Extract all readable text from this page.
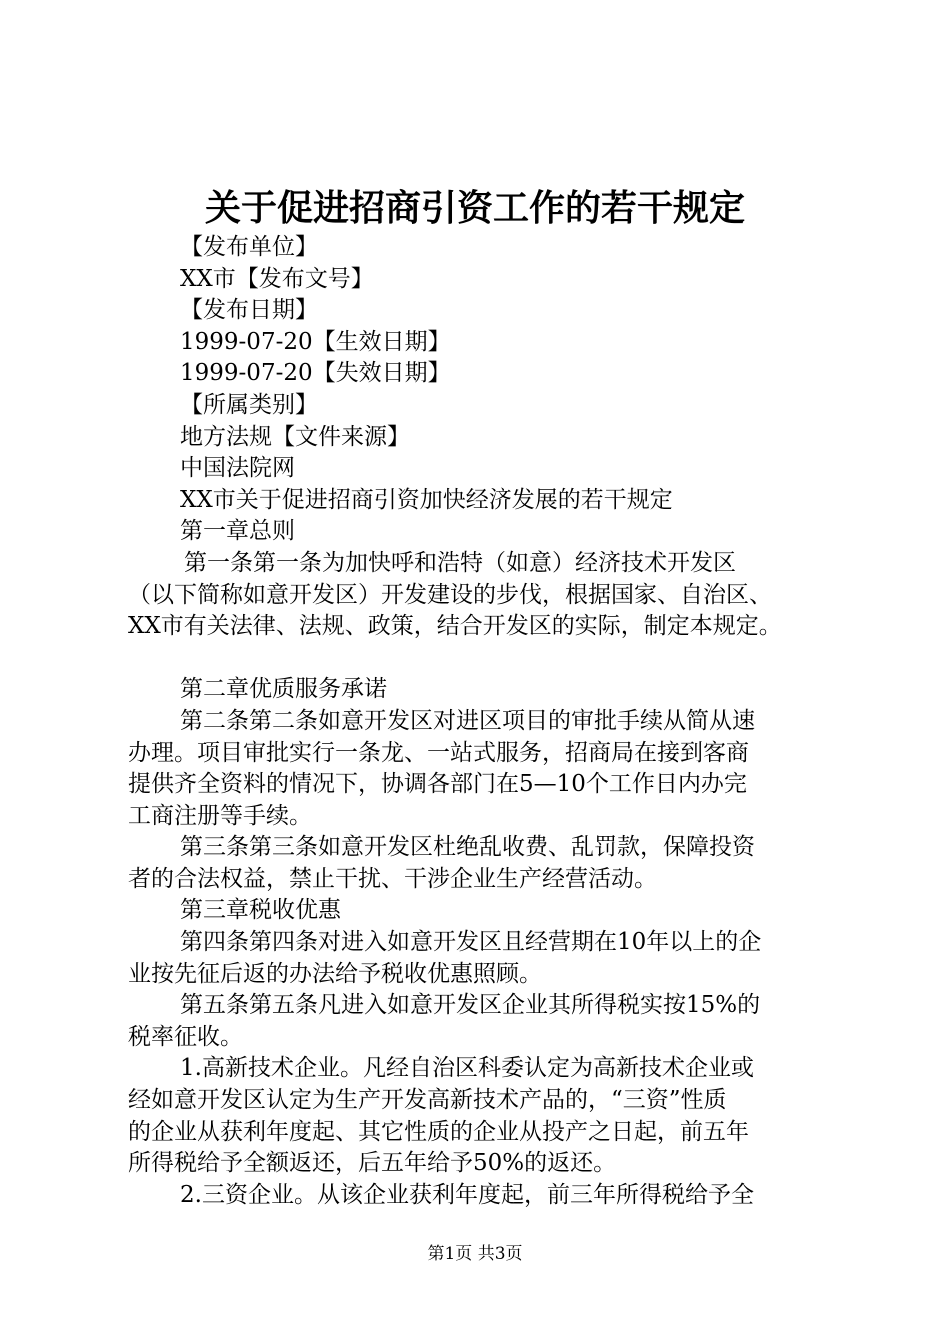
关于促进招商引资工作的若干规定
【发布单位】
XX市【发布文号】
【发布日期】
1999-07-20【生效日期】
1999-07-20【失效日期】
【所属类别】
地方法规【文件来源】
中国法院网
XX市关于促进招商引资加快经济发展的若干规定
第一章总则
第一条第一条为加快呼和浩特（如意）经济技术开发区
（以下简称如意开发区）开发建设的步伐，根据国家、自治区、
XX市有关法律、法规、政策，结合开发区的实际，制定本规定。
第二章优质服务承诺
第二条第二条如意开发区对进区项目的审批手续从简从速
办理。项目审批实行一条龙、一站式服务，招商局在接到客商
提供齐全资料的情况下，协调各部门在5—10个工作日内办完
工商注册等手续。
第三条第三条如意开发区杜绝乱收费、乱罚款，保障投资
者的合法权益，禁止干扰、干涉企业生产经营活动。
第三章税收优惠
第四条第四条对进入如意开发区且经营期在10年以上的企
业按先征后返的办法给予税收优惠照顾。
第五条第五条凡进入如意开发区企业其所得税实按15%的
税率征收。
1.高新技术企业。凡经自治区科委认定为高新技术企业或
经如意开发区认定为生产开发高新技术产品的，“三资”性质
的企业从获利年度起、其它性质的企业从投产之日起，前五年
所得税给予全额返还，后五年给予50%的返还。
2.三资企业。从该企业获利年度起，前三年所得税给予全
第1页 共3页
